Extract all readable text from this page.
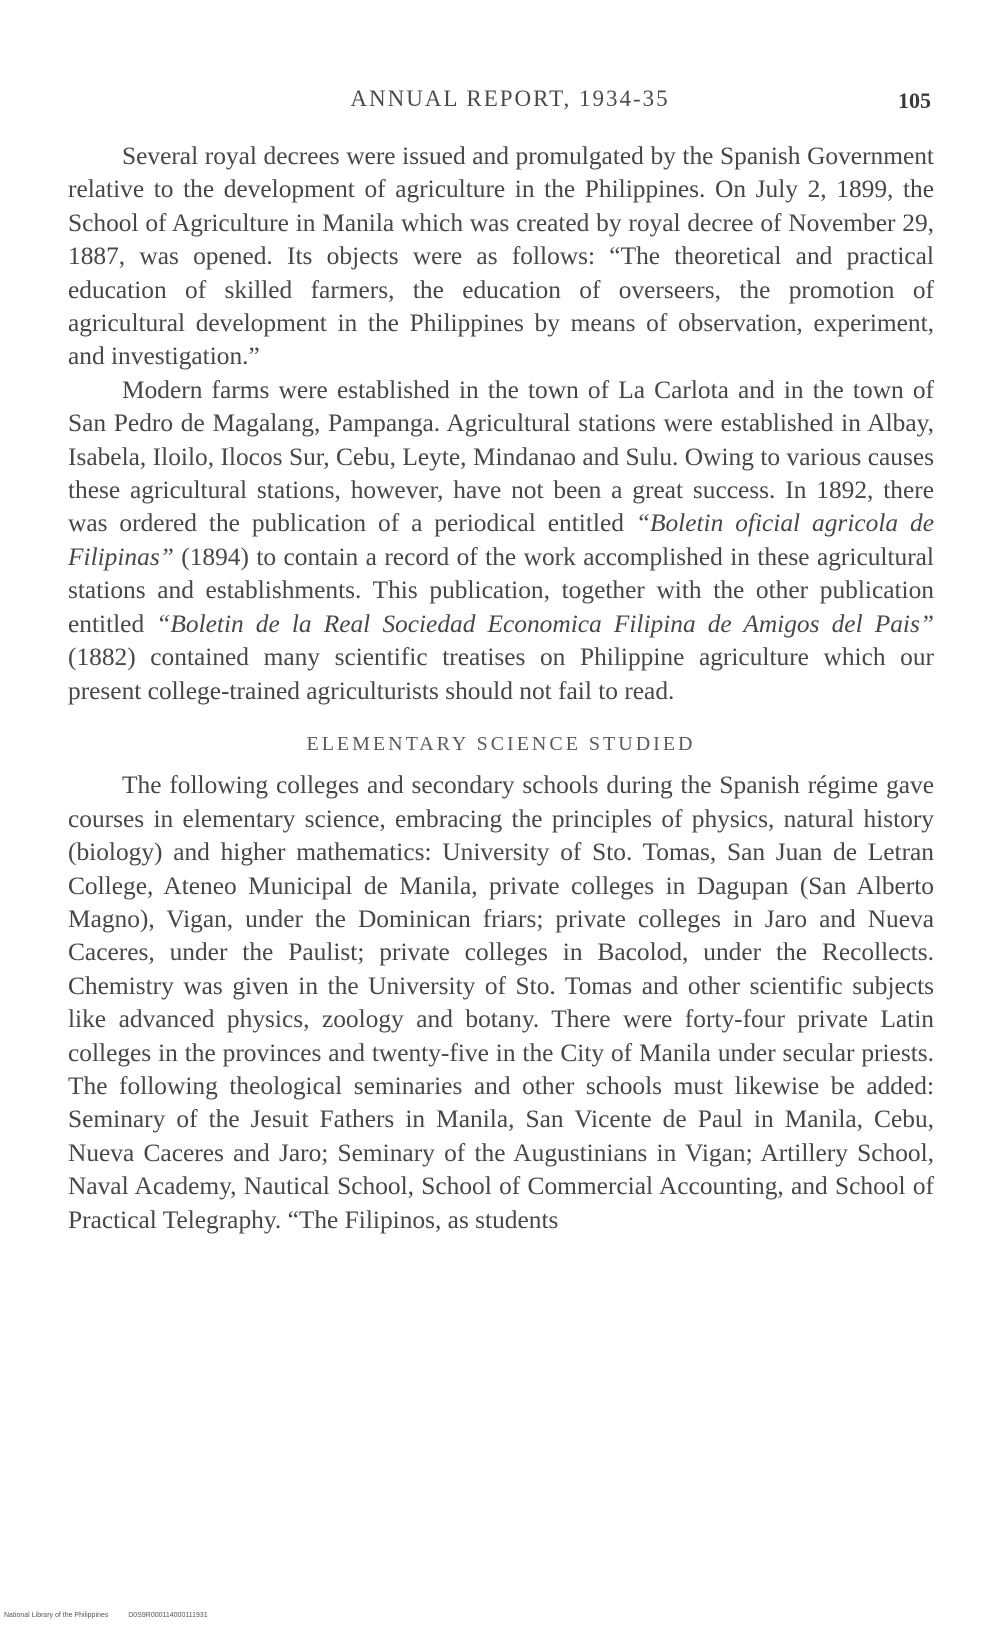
ANNUAL REPORT, 1934-35	105

Several royal decrees were issued and promulgated by the Spanish Government relative to the development of agriculture in the Philippines. On July 2, 1899, the School of Agriculture in Manila which was created by royal decree of November 29, 1887, was opened. Its objects were as follows: “The theoretical and practical education of skilled farmers, the education of overseers, the promotion of agricultural development in the Philippines by means of observation, experiment, and investigation.”

Modern farms were established in the town of La Carlota and in the town of San Pedro de Magalang, Pampanga. Agricultural stations were established in Albay, Isabela, Iloilo, Ilocos Sur, Cebu, Leyte, Mindanao and Sulu. Owing to various causes these agricultural stations, however, have not been a great success. In 1892, there was ordered the publication of a periodical entitled “Boletin oficial agricola de Filipinas” (1894) to contain a record of the work accomplished in these agricultural stations and establishments. This publication, together with the other publication entitled “Boletin de la Real Sociedad Economica Filipina de Amigos del Pais” (1882) contained many scientific treatises on Philippine agriculture which our present college-trained agriculturists should not fail to read.

ELEMENTARY SCIENCE STUDIED

The following colleges and secondary schools during the Spanish régime gave courses in elementary science, embracing the principles of physics, natural history (biology) and higher mathematics: University of Sto. Tomas, San Juan de Letran College, Ateneo Municipal de Manila, private colleges in Dagupan (San Alberto Magno), Vigan, under the Dominican friars; private colleges in Jaro and Nueva Caceres, under the Paulist; private colleges in Bacolod, under the Recollects. Chemistry was given in the University of Sto. Tomas and other scientific subjects like advanced physics, zoology and botany. There were forty-four private Latin colleges in the provinces and twenty-five in the City of Manila under secular priests. The following theological seminaries and other schools must likewise be added: Seminary of the Jesuit Fathers in Manila, San Vicente de Paul in Manila, Cebu, Nueva Caceres and Jaro; Seminary of the Augustinians in Vigan; Artillery School, Naval Academy, Nautical School, School of Commercial Accounting, and School of Practical Telegraphy. “The Filipinos, as students

National Library of the Philippines	D0S9R000114000111931
